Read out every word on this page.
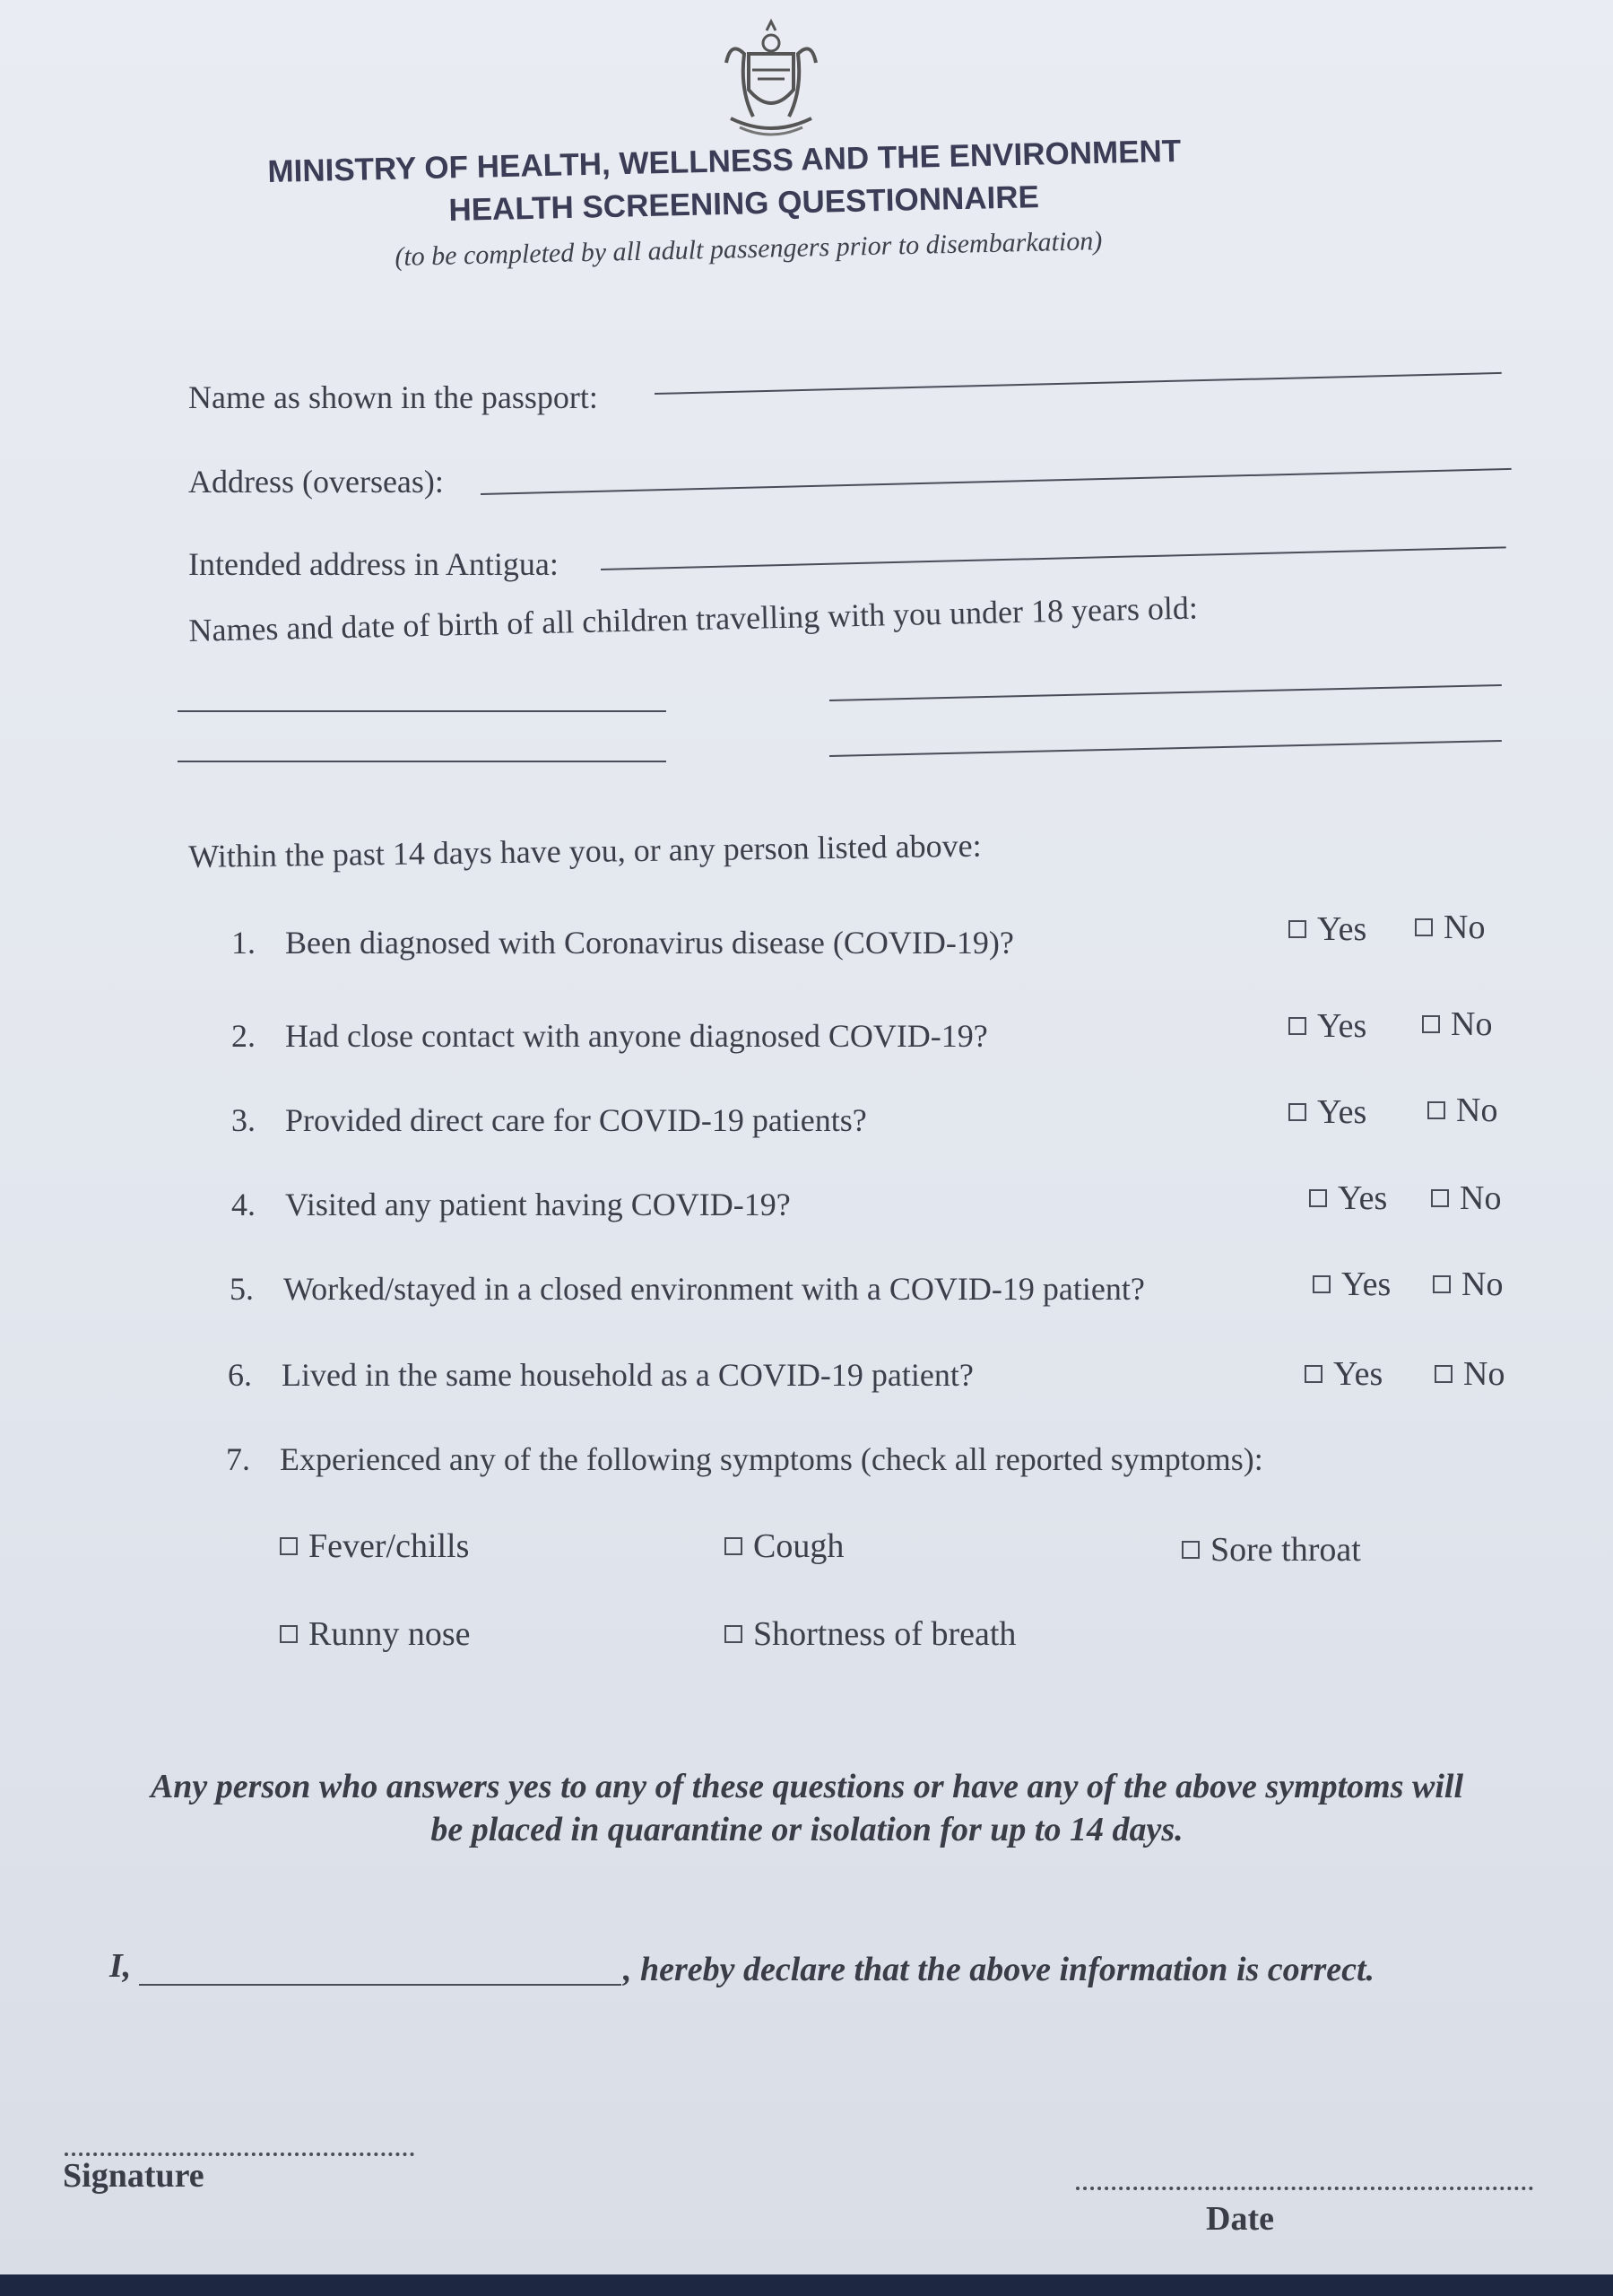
MINISTRY OF HEALTH, WELLNESS AND THE ENVIRONMENT
HEALTH SCREENING QUESTIONNAIRE
(to be completed by all adult passengers prior to disembarkation)
Name as shown in the passport:
Address (overseas):
Intended address in Antigua:
Names and date of birth of all children travelling with you under 18 years old:
Within the past 14 days have you, or any person listed above:
1. Been diagnosed with Coronavirus disease (COVID-19)?	Yes No
2. Had close contact with anyone diagnosed COVID-19?	Yes No
3. Provided direct care for COVID-19 patients?	Yes	No
4. Visited any patient having COVID-19?	Yes No
5. Worked/stayed in a closed environment with a COVID-19 patient?	Yes No
6. Lived in the same household as a COVID-19 patient?	Yes No
7. Experienced any of the following symptoms (check all reported symptoms):
Fever/chills	Cough	Sore throat
Runny nose	Shortness of breath
Any person who answers yes to any of these questions or have any of the above symptoms will
be placed in quarantine or isolation for up to 14 days.
I,	, hereby declare that the above information is correct.
Signature
Date
